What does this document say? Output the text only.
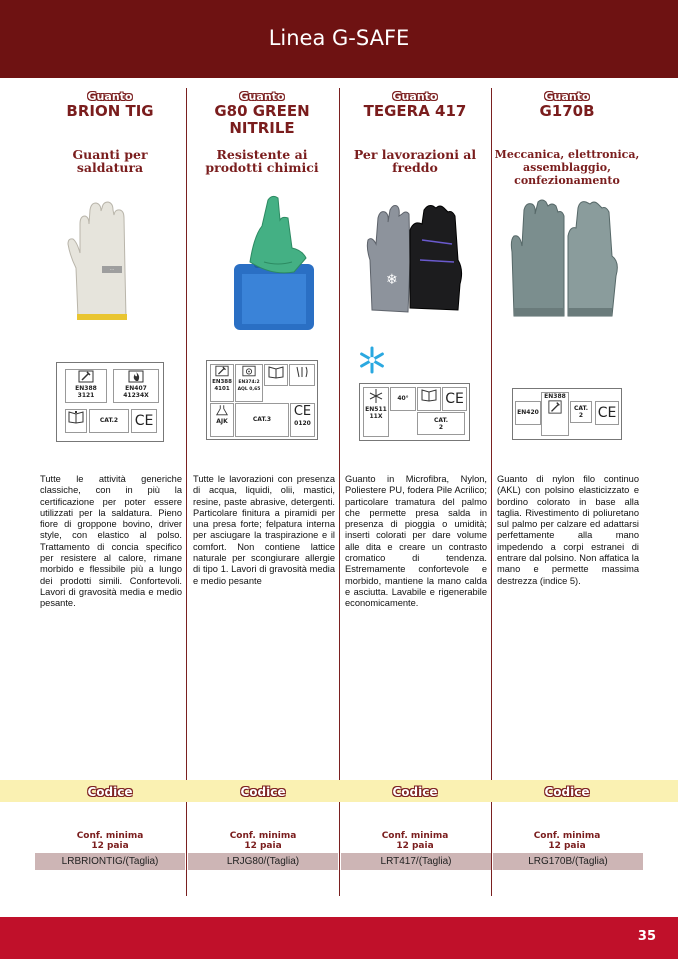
Linea G-SAFE
Guanto
BRION TIG
Guanti per saldatura
···
EN388
3121
EN407
41234X
CAT.2	CE
Tutte le attività generiche classiche, con in più la certificazione per poter essere utilizzati per la saldatura. Pieno fiore di groppone bovino, driver style, con elastico al polso. Trattamento di concia specifico per resistere al calore, rimane morbido e flessibile più a lungo dei prodotti simili. Confortevoli. Lavori di gravosità media e medio pesante.
Guanto
G80 GREEN NITRILE
Resistente ai prodotti chimici
EN388
4101
EN374:2
AQL 0,65
AJK	CAT.3
CE
0120
Tutte le lavorazioni con presenza di acqua, liquidi, olii, mastici, resine, paste abrasive, detergenti. Particolare finitura a piramidi per una presa forte; felpatura interna per asciugare la traspirazione e il comfort. Non contiene lattice naturale per scongiurare allergie di tipo 1. Lavori di gravosità media e medio pesante
Guanto
TEGERA 417
Per lavorazioni al freddo
❄
EN511
11X
40°	CE
CAT.
2
Guanto in Microfibra, Nylon, Poliestere PU, fodera Pile Acrilico; particolare tramatura del palmo che permette presa salda in presenza di pioggia o umidità; inserti colorati per dare volume alle dita e creare un contrasto cromatico di tendenza. Estremamente confortevole e morbido, mantiene la mano calda e asciutta. Lavabile e rigenerabile economicamente.
Guanto
G170B
Meccanica, elettronica, assemblaggio, confezionamento
EN388
EN420
CAT.
2	CE
Guanto di nylon filo continuo (AKL) con polsino elasticizzato e bordino colorato in base alla taglia. Rivestimento di poliuretano sul palmo per calzare ed adattarsi perfettamente alla mano impedendo a corpi estranei di entrare dal polsino. Non affatica la mano e permette massima destrezza (indice 5).
Codice	Codice	Codice	Codice
Conf. minima
12 paia
Conf. minima
12 paia
Conf. minima
12 paia
Conf. minima
12 paia
LRBRIONTIG/(Taglia)	LRJG80/(Taglia)	LRT417/(Taglia)	LRG170B/(Taglia)
35
